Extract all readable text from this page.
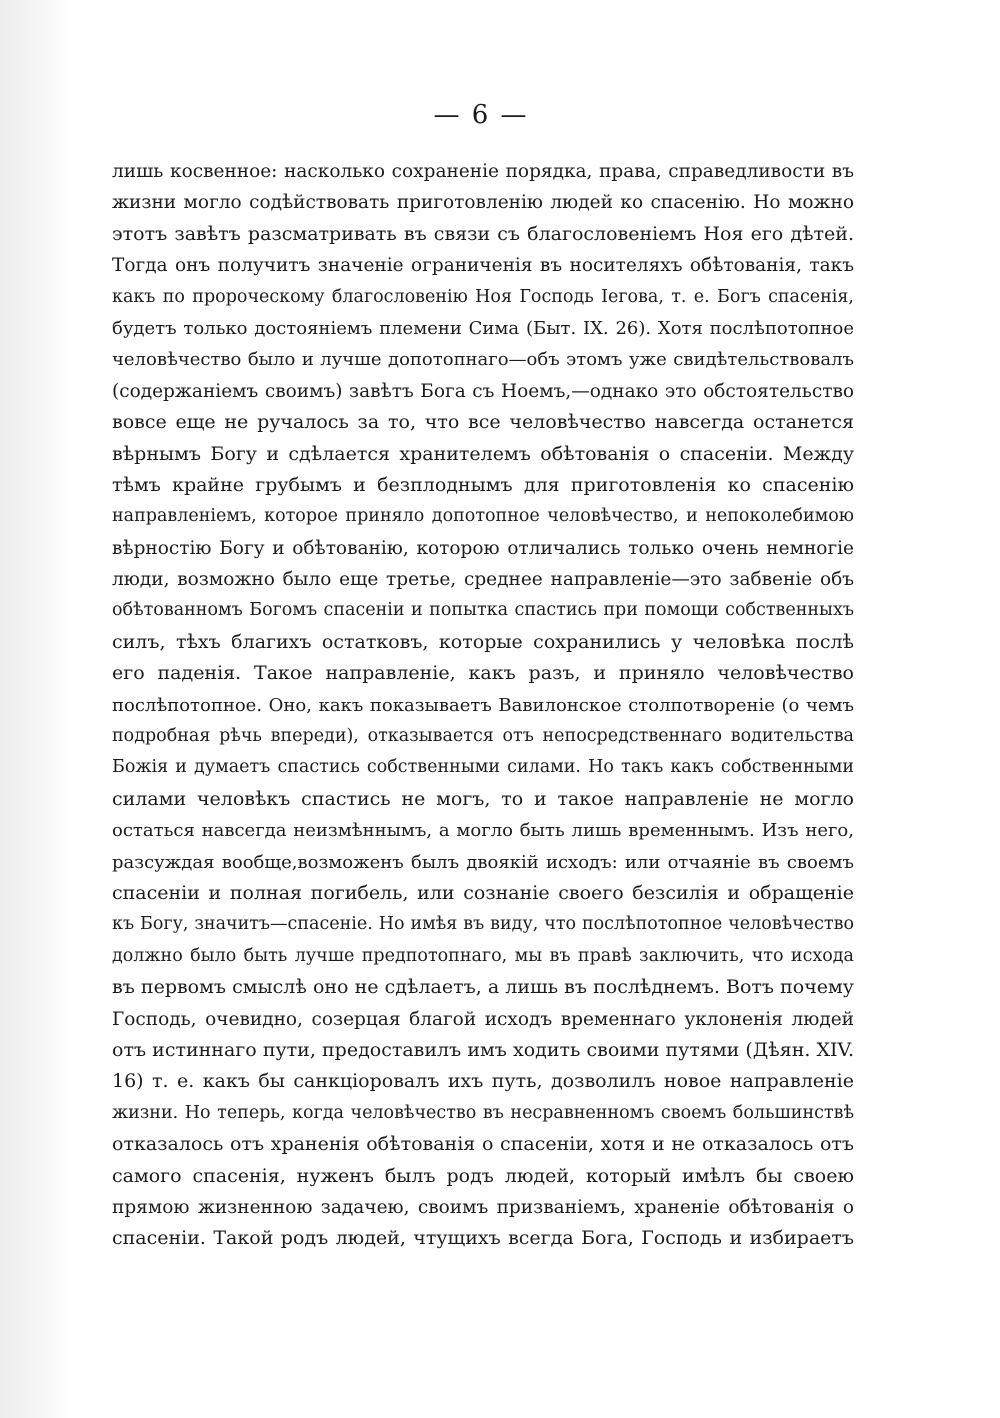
— 6 —
лишь косвенное: насколько сохраненіе порядка, права, справедливости въ
жизни могло содѣйствовать приготовленію людей ко спасенію. Но можно
этотъ завѣтъ разсматривать въ связи съ благословеніемъ Ноя его дѣтей.
Тогда онъ получитъ значеніе ограниченія въ носителяхъ обѣтованія, такъ
какъ по пророческому благословенію Ноя Господь Іегова, т. е. Богъ спасенія,
будетъ только достояніемъ племени Сима (Быт. IX. 26). Хотя послѣпотопное
человѣчество было и лучше допотопнаго—объ этомъ уже свидѣтельствовалъ
(содержаніемъ своимъ) завѣтъ Бога съ Ноемъ,—однако это обстоятельство
вовсе еще не ручалось за то, что все человѣчество навсегда останется
вѣрнымъ Богу и сдѣлается хранителемъ обѣтованія о спасеніи. Между
тѣмъ крайне грубымъ и безплоднымъ для приготовленія ко спасенію
направленіемъ, которое приняло допотопное человѣчество, и непоколебимою
вѣрностію Богу и обѣтованію, которою отличались только очень немногіе
люди, возможно было еще третье, среднее направленіе—это забвеніе объ
обѣтованномъ Богомъ спасеніи и попытка спастись при помощи собственныхъ
силъ, тѣхъ благихъ остатковъ, которые сохранились у человѣка послѣ
его паденія. Такое направленіе, какъ разъ, и приняло человѣчество
послѣпотопное. Оно, какъ показываетъ Вавилонское столпотвореніе (о чемъ
подробная рѣчь впереди), отказывается отъ непосредственнаго водительства
Божія и думаетъ спастись собственными силами. Но такъ какъ собственными
силами человѣкъ спастись не могъ, то и такое направленіе не могло
остаться навсегда неизмѣннымъ, а могло быть лишь временнымъ. Изъ него,
разсуждая вообще,возможенъ былъ двоякій исходъ: или отчаяніе въ своемъ
спасеніи и полная погибель, или сознаніе своего безсилія и обращеніе
къ Богу, значитъ—спасеніе. Но имѣя въ виду, что послѣпотопное человѣчество
должно было быть лучше предпотопнаго, мы въ правѣ заключить, что исхода
въ первомъ смыслѣ оно не сдѣлаетъ, а лишь въ послѣднемъ. Вотъ почему
Господь, очевидно, созерцая благой исходъ временнаго уклоненія людей
отъ истиннаго пути, предоставилъ имъ ходить своими путями (Дѣян. XIV.
16) т. е. какъ бы санкціоровалъ ихъ путь, дозволилъ новое направленіе
жизни. Но теперь, когда человѣчество въ несравненномъ своемъ большинствѣ
отказалось отъ храненія обѣтованія о спасеніи, хотя и не отказалось отъ
самого спасенія, нуженъ былъ родъ людей, который имѣлъ бы своею
прямою жизненною задачею, своимъ призваніемъ, храненіе обѣтованія о
спасеніи. Такой родъ людей, чтущихъ всегда Бога, Господь и избираетъ
